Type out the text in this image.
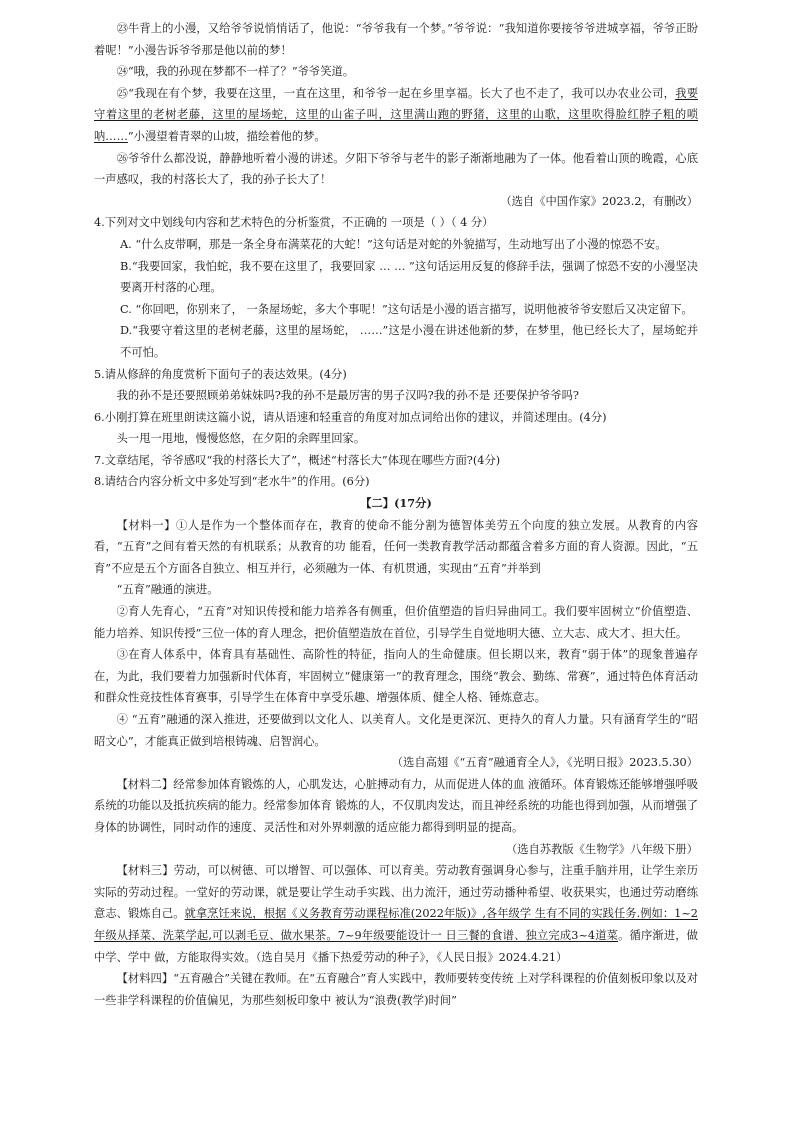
㉓牛背上的小漫，又给爷爷说悄悄话了，他说：“爷爷我有一个梦。”爷爷说：“我知道你要接爷爷进城享福，爷爷正盼着呢！”小漫告诉爷爷那是他以前的梦！

㉔“哦，我的孙现在梦都不一样了？”爷爷笑道。

㉕“我现在有个梦，我要在这里，一直在这里，和爷爷一起在乡里享福。长大了也不走了，我可以办农业公司，我要守着这里的老树老藤，这里的屋场蛇，这里的山雀子叫，这里满山跑的野猪，这里的山歌，这里吹得脸红脖子粗的唢呐……”小漫望着青翠的山坡，描绘着他的梦。

㉖爷爷什么都没说，静静地听着小漫的讲述。夕阳下爷爷与老牛的影子渐渐地融为了一体。他看着山顶的晚霞，心底一声感叹，我的村落长大了，我的孙子长大了！

（选自《中国作家》2023.2，有删改）

4.下列对文中划线句内容和艺术特色的分析鉴赏，不正确的 一项是（ ）（ 4 分）

A. “什么皮带啊，那是一条全身布满菜花的大蛇！”这句话是对蛇的外貌描写，生动地写出了小漫的惊恐不安。

B.“我要回家，我怕蛇，我不要在这里了，我要回家 … … ”这句话运用反复的修辞手法，强调了惊恐不安的小漫坚决要离开村落的心理。

C. “你回吧，你别来了， 一条屋场蛇，多大个事呢！”这句话是小漫的语言描写，说明他被爷爷安慰后又决定留下。

D.“我要守着这里的老树老藤，这里的屋场蛇， ……”这是小漫在讲述他新的梦，在梦里，他已经长大了，屋场蛇并不可怕。

5.请从修辞的角度赏析下面句子的表达效果。(4分)

我的孙不是还要照顾弟弟妹妹吗?我的孙不是最厉害的男子汉吗?我的孙不是 还要保护爷爷吗?

6.小刚打算在班里朗读这篇小说，请从语速和轻重音的角度对加点词给出你的建议，并简述理由。(4分)

头一甩一甩地，慢慢悠悠，在夕阳的余晖里回家。

7.文章结尾，爷爷感叹“我的村落长大了”，概述“村落长大”体现在哪些方面?(4分)

8.请结合内容分析文中多处写到“老水牛”的作用。(6分)

【二】(17分)

【材料一】①人是作为一个整体而存在，教育的使命不能分割为德智体美劳五个向度的独立发展。从教育的内容看，“五育”之间有着天然的有机联系；从教育的功 能看，任何一类教育教学活动都蕴含着多方面的育人资源。因此，“五育”不应是五个方面各自独立、相互并行，必须融为一体、有机贯通，实现由“五育”并举到

“五育”融通的演进。

②育人先育心，“五育”对知识传授和能力培养各有侧重，但价值塑造的旨归异曲同工。我们要牢固树立“价值塑造、能力培养、知识传授”三位一体的育人理念，把价值塑造放在首位，引导学生自觉地明大德、立大志、成大才、担大任。

③在育人体系中，体育具有基础性、高阶性的特征，指向人的生命健康。但长期以来，教育“弱于体”的现象普遍存在，为此，我们要着力加强新时代体育，牢固树立“健康第一”的教育理念，围绕“教会、勤练、常赛”，通过特色体育活动和群众性竞技性体育赛事，引导学生在体育中享受乐趣、增强体质、健全人格、锤炼意志。

④ “五育”融通的深入推进，还要做到以文化人、以美育人。文化是更深沉、更持久的育人力量。只有涵育学生的“昭昭文心”，才能真正做到培根铸魂、启智润心。

（选自高翅《“五育”融通育全人》，《光明日报》2023.5.30）

【材料二】经常参加体育锻炼的人，心肌发达，心脏搏动有力，从而促进人体的血 液循环。体育锻炼还能够增强呼吸系统的功能以及抵抗疾病的能力。经常参加体育 锻炼的人，不仅肌肉发达，而且神经系统的功能也得到加强，从而增强了身体的协调性，同时动作的速度、灵活性和对外界刺激的适应能力都得到明显的提高。

（选自苏教版《生物学》八年级下册）

【材料三】劳动，可以树德、可以增智、可以强体、可以育美。劳动教育强调身心参与，注重手脑并用，让学生亲历实际的劳动过程。一堂好的劳动课，就是要让学生动手实践、出力流汗，通过劳动播种希望、收获果实，也通过劳动磨练意志、锻炼自己。就拿烹饪来说，根据《义务教育劳动课程标准(2022年版)》,各年级学 生有不同的实践任务.例如：1~2年级从择菜、洗菜学起,可以剥毛豆、做水果茶。7~9年级要能设计一 日三餐的食谱、独立完成3~4道菜。循序渐进，做中学、学中 做，方能取得实效。（选自吴月《播下热爱劳动的种子》，《人民日报》2024.4.21）

【材料四】“五育融合”关键在教师。在“五育融合”育人实践中，教师要转变传统 上对学科课程的价值刻板印象以及对一些非学科课程的价值偏见，为那些刻板印象中 被认为“浪费(教学)时间”
